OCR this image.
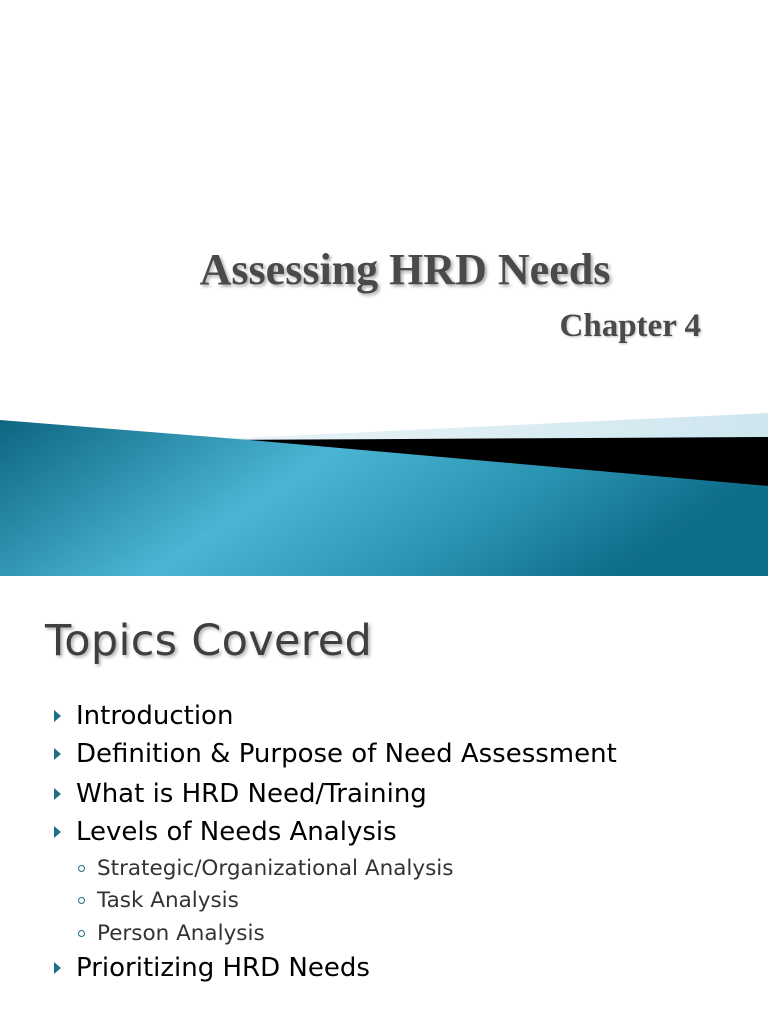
Assessing HRD Needs
Chapter 4
Topics Covered
Introduction
Definition & Purpose of Need Assessment
What is HRD Need/Training
Levels of Needs Analysis
Strategic/Organizational Analysis
Task Analysis
Person Analysis
Prioritizing HRD Needs
